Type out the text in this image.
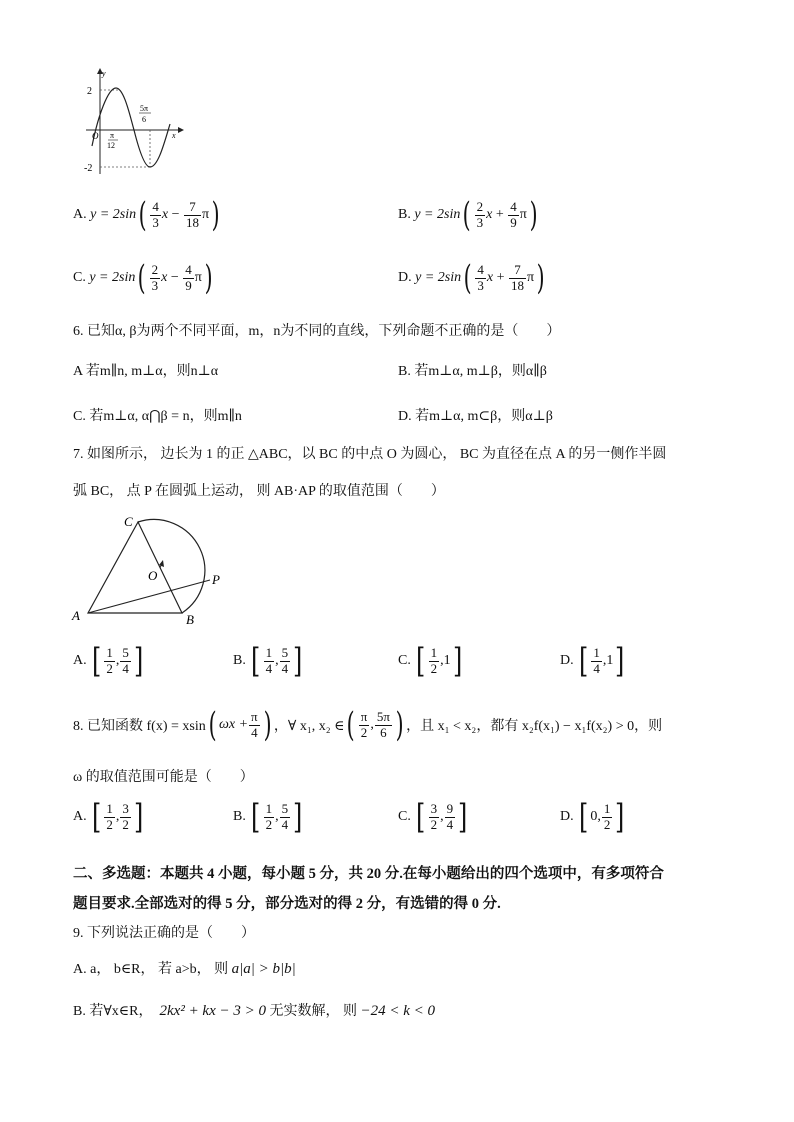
y
x
2
-2
O π
12
5π
6
A.
y = 2sin ( $\frac{4}{3}$ x
−
$\frac{7}{18}$ π )	B.
y = 2sin ( $\frac{2}{3}$ x
+
$\frac{4}{9}$ π )
C.
y = 2sin ( $\frac{2}{3}$ x
−
$\frac{4}{9}$ π )	D.
y = 2sin ( $\frac{4}{3}$ x
+
$\frac{7}{18}$ π )
6. 已知α, β为两个不同平面，m，n为不同的直线，下列命题不正确的是（　　）
A 若m∥n, m⊥α，则n⊥α	B. 若m⊥α, m⊥β，则α∥β
C. 若m⊥α, α⋂β = n，则m∥n	D. 若m⊥α, m⊂β，则α⊥β
7. 如图所示， 边长为 1 的正 △ABC，以 BC 的中点 O 为圆心， BC 为直径在点 A 的另一侧作半圆
弧 BC， 点 P 在圆弧上运动， 则 AB·AP 的取值范围（　　）
C
A	B
O	P
A.
[ $\frac{1}{2}$ , $\frac{5}{4}$ ]	B.
[ $\frac{1}{4}$ , $\frac{5}{4}$ ]	C.
[ $\frac{1}{2}$ , 1 ]	D.
[ $\frac{1}{4}$ , 1 ]
8. 已知函数 f(x) = xsin ( $\omega x + \frac{\pi}{4}$ ) ，∀ x₁, x₂ ∈ ( $\frac{\pi}{2}$ , $\frac{5\pi}{6}$ ) ，且 x₁ < x₂，都有 x₂f(x₁) − x₁f(x₂) > 0，则
ω 的取值范围可能是（　　）
A.
[ $\frac{1}{2}$ , $\frac{3}{2}$ ]	B.
[ $\frac{1}{2}$ , $\frac{5}{4}$ ]	C.
[ $\frac{3}{2}$ , $\frac{9}{4}$ ]	D.
[ 0 , $\frac{1}{2}$ ]
二、多选题：本题共 4 小题，每小题 5 分，共 20 分.在每小题给出的四个选项中，有多项符合
题目要求.全部选对的得 5 分，部分选对的得 2 分，有选错的得 0 分.
9. 下列说法正确的是（　　）
A. a， b∈R， 若 a>b， 则 a|a| > b|b|
B. 若∀x∈R， 2kx² + kx − 3 > 0 无实数解， 则 −24 < k < 0
